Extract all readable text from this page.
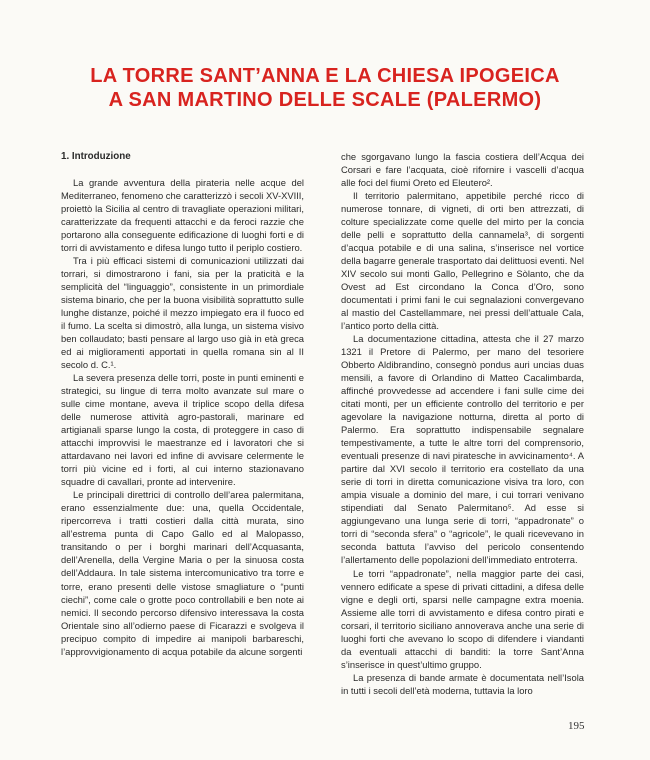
LA TORRE SANT’ANNA E LA CHIESA IPOGEICA
A SAN MARTINO DELLE SCALE (PALERMO)

1. Introduzione

La grande avventura della pirateria nelle acque del Mediterraneo, fenomeno che caratterizzò i secoli XV-XVIII, proiettò la Sicilia al centro di travagliate operazioni militari, caratterizzate da frequenti attacchi e da feroci razzie che portarono alla conseguente edificazione di luoghi forti e di torri di avvistamento e difesa lungo tutto il periplo costiero.

Tra i più efficaci sistemi di comunicazioni utilizzati dai torrari, si dimostrarono i fani, sia per la praticità e la semplicità del “linguaggio”, consistente in un primordiale sistema binario, che per la buona visibilità soprattutto sulle lunghe distanze, poiché il mezzo impiegato era il fuoco ed il fumo. La scelta si dimostrò, alla lunga, un sistema visivo ben collaudato; basti pensare al largo uso già in età greca ed ai miglioramenti apportati in quella romana sin al II secolo d. C.¹.

La severa presenza delle torri, poste in punti eminenti e strategici, su lingue di terra molto avanzate sul mare o sulle cime montane, aveva il triplice scopo della difesa delle numerose attività agro-pastorali, marinare ed artigianali sparse lungo la costa, di proteggere in caso di attacchi improvvisi le maestranze ed i lavoratori che si attardavano nei lavori ed infine di avvisare celermente le torri più vicine ed i forti, al cui interno stazionavano squadre di cavallari, pronte ad intervenire.

Le principali direttrici di controllo dell’area palermitana, erano essenzialmente due: una, quella Occidentale, ripercorreva i tratti costieri dalla città murata, sino all’estrema punta di Capo Gallo ed al Malopasso, transitando o per i borghi marinari dell’Acquasanta, dell’Arenella, della Vergine Maria o per la sinuosa costa dell’Addaura. In tale sistema intercomunicativo tra torre e torre, erano presenti delle vistose smagliature o “punti ciechi”, come cale o grotte poco controllabili e ben note ai nemici. Il secondo percorso difensivo interessava la costa Orientale sino all’odierno paese di Ficarazzi e svolgeva il precipuo compito di impedire ai manipoli barbareschi, l’approvvigionamento di acqua potabile da alcune sorgenti

che sgorgavano lungo la fascia costiera dell’Acqua dei Corsari e fare l’acquata, cioè rifornire i vascelli d’acqua alle foci del fiumi Oreto ed Eleutero².

Il territorio palermitano, appetibile perché ricco di numerose tonnare, di vigneti, di orti ben attrezzati, di colture specializzate come quelle del mirto per la concia delle pelli e soprattutto della cannamela³, di sorgenti d’acqua potabile e di una salina, s’inserisce nel vortice della bagarre generale trasportato dai delittuosi eventi. Nel XIV secolo sui monti Gallo, Pellegrino e Sòlanto, che da Ovest ad Est circondano la Conca d’Oro, sono documentati i primi fani le cui segnalazioni convergevano al mastio del Castellammare, nei pressi dell’attuale Cala, l’antico porto della città.

La documentazione cittadina, attesta che il 27 marzo 1321 il Pretore di Palermo, per mano del tesoriere Obberto Aldibrandino, consegnò pondus auri uncias duas mensili, a favore di Orlandino di Matteo Cacalimbarda, affinché provvedesse ad accendere i fani sulle cime dei citati monti, per un efficiente controllo del territorio e per agevolare la navigazione notturna, diretta al porto di Palermo. Era soprattutto indispensabile segnalare tempestivamente, a tutte le altre torri del comprensorio, eventuali presenze di navi piratesche in avvicinamento⁴. A partire dal XVI secolo il territorio era costellato da una serie di torri in diretta comunicazione visiva tra loro, con ampia visuale a dominio del mare, i cui torrari venivano stipendiati dal Senato Palermitano⁵. Ad esse si aggiungevano una lunga serie di torri, “appadronate” o torri di “seconda sfera” o “agricole”, le quali ricevevano in seconda battuta l’avviso del pericolo consentendo l’allertamento delle popolazioni dell’immediato entroterra.

Le torri “appadronate”, nella maggior parte dei casi, vennero edificate a spese di privati cittadini, a difesa delle vigne e degli orti, sparsi nelle campagne extra moenia. Assieme alle torri di avvistamento e difesa contro pirati e corsari, il territorio siciliano annoverava anche una serie di luoghi forti che avevano lo scopo di difendere i viandanti da eventuali attacchi di banditi: la torre Sant’Anna s’inserisce in quest’ultimo gruppo.

La presenza di bande armate è documentata nell’Isola in tutti i secoli dell’età moderna, tuttavia la loro

195
